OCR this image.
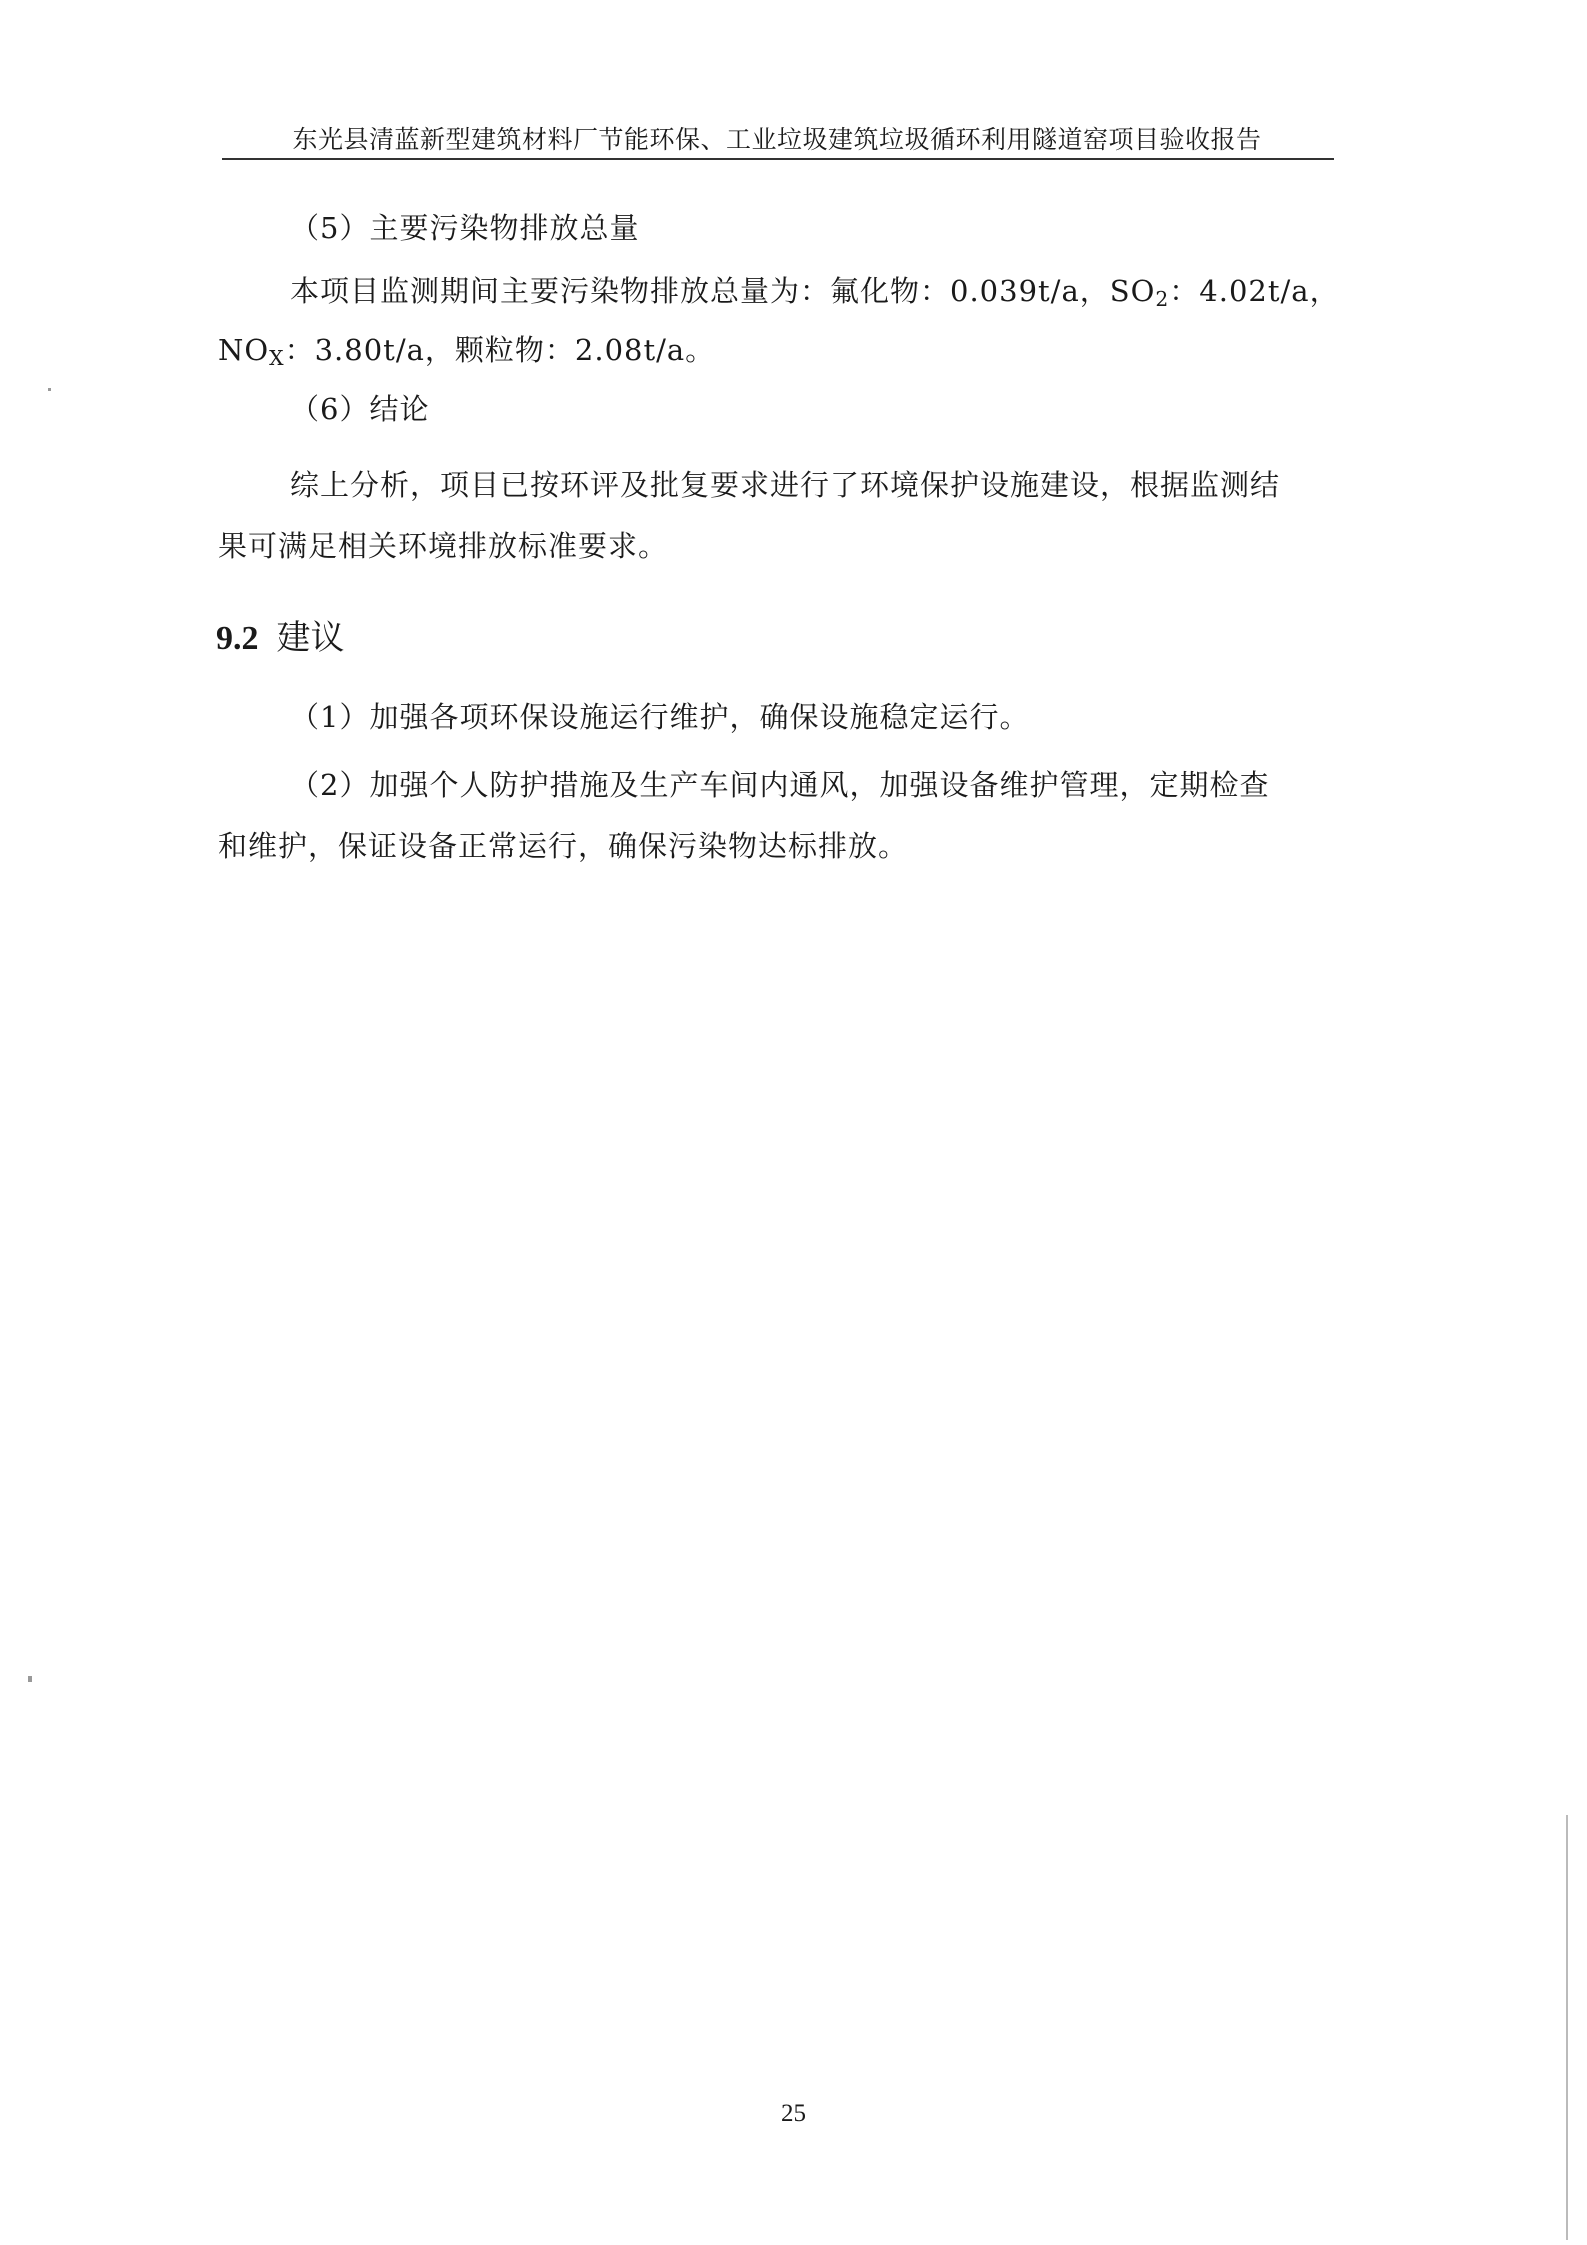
东光县清蓝新型建筑材料厂节能环保、工业垃圾建筑垃圾循环利用隧道窑项目验收报告
（5）主要污染物排放总量
本项目监测期间主要污染物排放总量为：氟化物：0.039t/a，$SO_2$：4.02t/a，
$NO_X$：3.80t/a，颗粒物：2.08t/a。
（6）结论
综上分析，项目已按环评及批复要求进行了环境保护设施建设，根据监测结
果可满足相关环境排放标准要求。
9.2 建议
（1）加强各项环保设施运行维护，确保设施稳定运行。
（2）加强个人防护措施及生产车间内通风，加强设备维护管理，定期检查
和维护，保证设备正常运行，确保污染物达标排放。
25
